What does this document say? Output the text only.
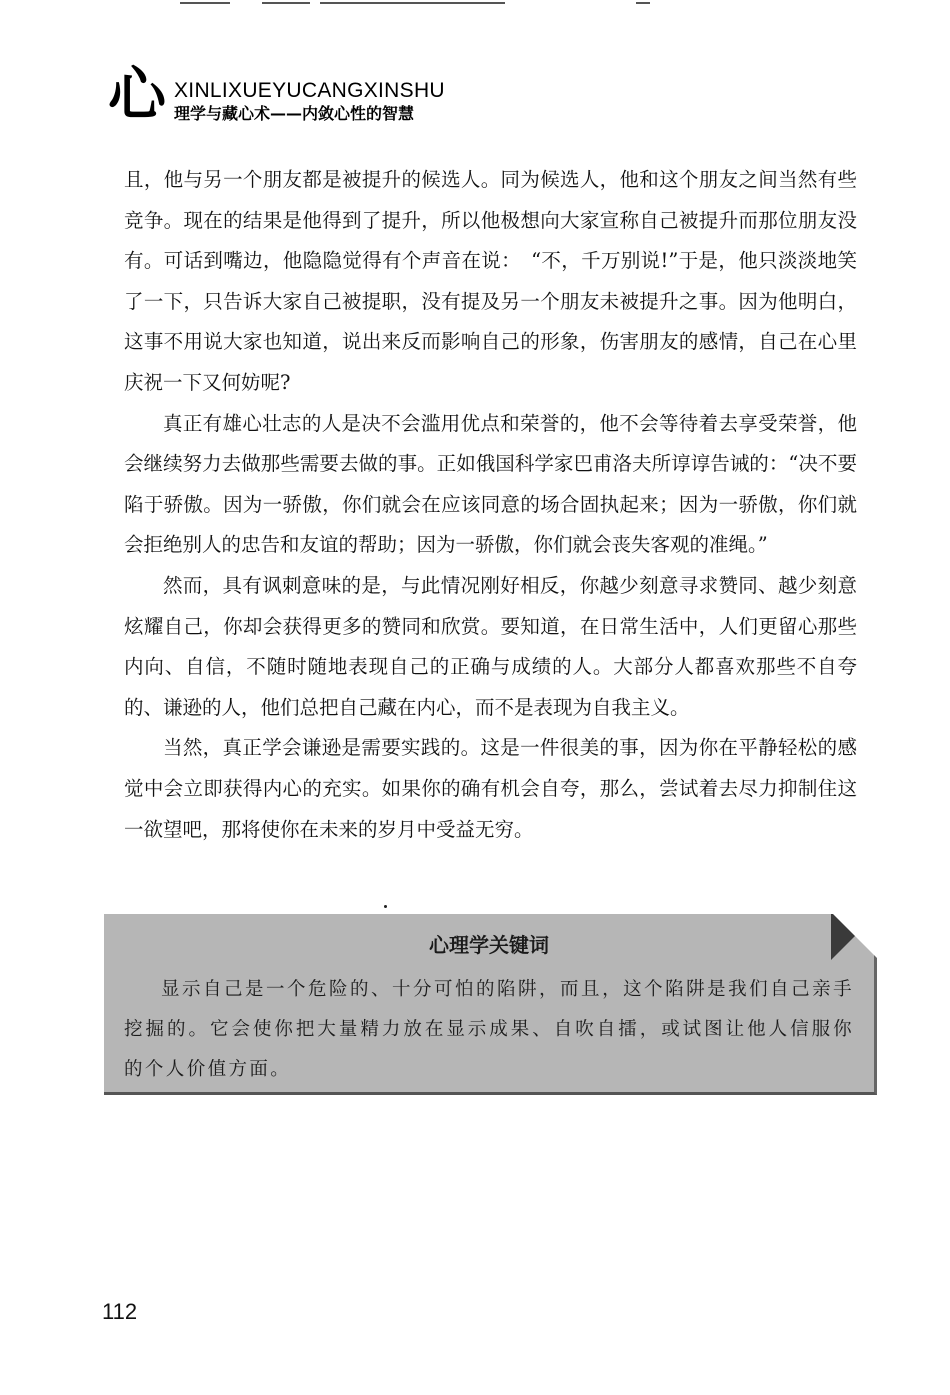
心 XINLIXUEYUCANGXINSHU
理学与藏心术——内敛心性的智慧

且，他与另一个朋友都是被提升的候选人。同为候选人，他和这个朋友之间当然有些竞争。现在的结果是他得到了提升，所以他极想向大家宣称自己被提升而那位朋友没有。可话到嘴边，他隐隐觉得有个声音在说：　“不，千万别说!”于是，他只淡淡地笑了一下，只告诉大家自己被提职，没有提及另一个朋友未被提升之事。因为他明白，这事不用说大家也知道，说出来反而影响自己的形象，伤害朋友的感情，自己在心里庆祝一下又何妨呢?

真正有雄心壮志的人是决不会滥用优点和荣誉的，他不会等待着去享受荣誉，他会继续努力去做那些需要去做的事。正如俄国科学家巴甫洛夫所谆谆告诫的：“决不要陷于骄傲。因为一骄傲，你们就会在应该同意的场合固执起来；因为一骄傲，你们就会拒绝别人的忠告和友谊的帮助；因为一骄傲，你们就会丧失客观的准绳。”

然而，具有讽刺意味的是，与此情况刚好相反，你越少刻意寻求赞同、越少刻意炫耀自己，你却会获得更多的赞同和欣赏。要知道，在日常生活中，人们更留心那些内向、自信，不随时随地表现自己的正确与成绩的人。大部分人都喜欢那些不自夸的、谦逊的人，他们总把自己藏在内心，而不是表现为自我主义。

当然，真正学会谦逊是需要实践的。这是一件很美的事，因为你在平静轻松的感觉中会立即获得内心的充实。如果你的确有机会自夸，那么，尝试着去尽力抑制住这一欲望吧，那将使你在未来的岁月中受益无穷。

心理学关键词
显示自己是一个危险的、十分可怕的陷阱，而且，这个陷阱是我们自己亲手挖掘的。它会使你把大量精力放在显示成果、自吹自擂，或试图让他人信服你的个人价值方面。
112
